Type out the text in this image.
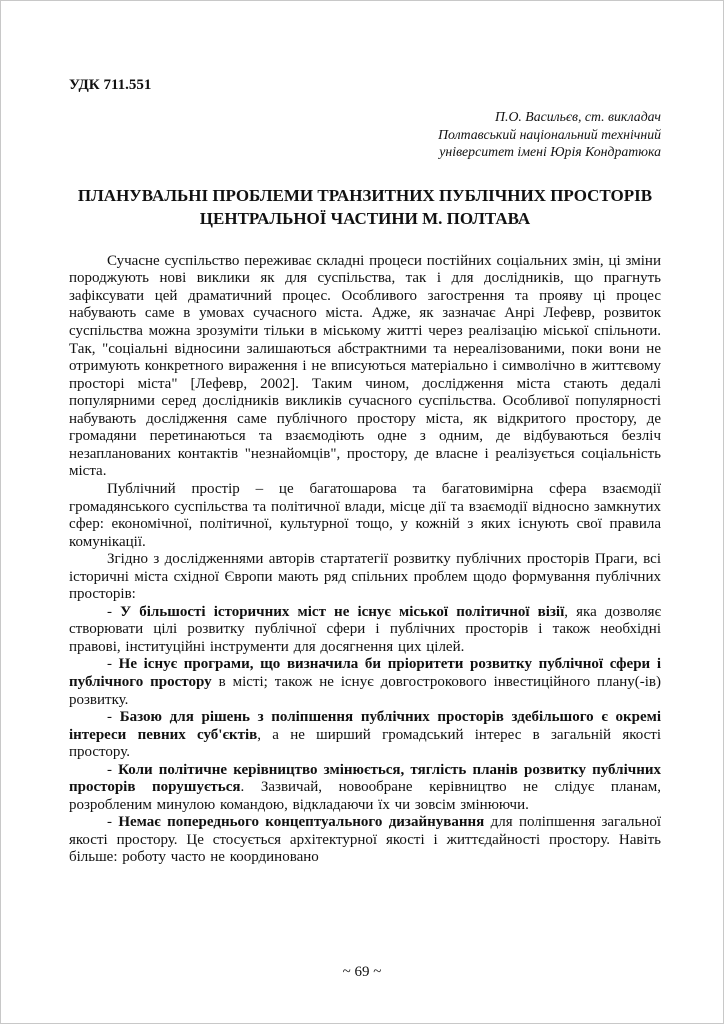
УДК 711.551
П.О. Васильєв, ст. викладач
Полтавський національний технічний
університет імені Юрія Кондратюка
ПЛАНУВАЛЬНІ ПРОБЛЕМИ ТРАНЗИТНИХ ПУБЛІЧНИХ ПРОСТОРІВ ЦЕНТРАЛЬНОЇ ЧАСТИНИ М. ПОЛТАВА

Сучасне суспільство переживає складні процеси постійних соціальних змін, ці зміни породжують нові виклики як для суспільства, так і для дослідників, що прагнуть зафіксувати цей драматичний процес. Особливого загострення та прояву ці процес набувають саме в умовах сучасного міста. Адже, як зазначає Анрі Лефевр, розвиток суспільства можна зрозуміти тільки в міському житті через реалізацію міської спільноти. Так, "соціальні відносини залишаються абстрактними та нереалізованими, поки вони не отримують конкретного вираження і не вписуються матеріально і символічно в життєвому просторі міста" [Лефевр, 2002]. Таким чином, дослідження міста стають дедалі популярними серед дослідників викликів сучасного суспільства. Особливої популярності набувають дослідження саме публічного простору міста, як відкритого простору, де громадяни перетинаються та взаємодіють одне з одним, де відбуваються безліч незапланованих контактів "незнайомців", простору, де власне і реалізується соціальність міста.

Публічний простір – це багатошарова та багатовимірна сфера взаємодії громадянського суспільства та політичної влади, місце дії та взаємодії відносно замкнутих сфер: економічної, політичної, культурної тощо, у кожній з яких існують свої правила комунікації.

Згідно з дослідженнями авторів стартатегії розвитку публічних просторів Праги, всі історичні міста східної Європи мають ряд спільних проблем щодо формування публічних просторів:

- У більшості історичних міст не існує міської політичної візії, яка дозволяє створювати цілі розвитку публічної сфери і публічних просторів і також необхідні правові, інституційні інструменти для досягнення цих цілей.

- Не існує програми, що визначила би пріоритети розвитку публічної сфери і публічного простору в місті; також не існує довгострокового інвестиційного плану(-ів) розвитку.

- Базою для рішень з поліпшення публічних просторів здебільшого є окремі інтереси певних суб'єктів, а не ширший громадський інтерес в загальній якості простору.

- Коли політичне керівництво змінюється, тяглість планів розвитку публічних просторів порушується. Зазвичай, новообране керівництво не слідує планам, розробленим минулою командою, відкладаючи їх чи зовсім змінюючи.

- Немає попереднього концептуального дизайнування для поліпшення загальної якості простору. Це стосується архітектурної якості і життєдайності простору. Навіть більше: роботу часто не координовано

~ 69 ~
